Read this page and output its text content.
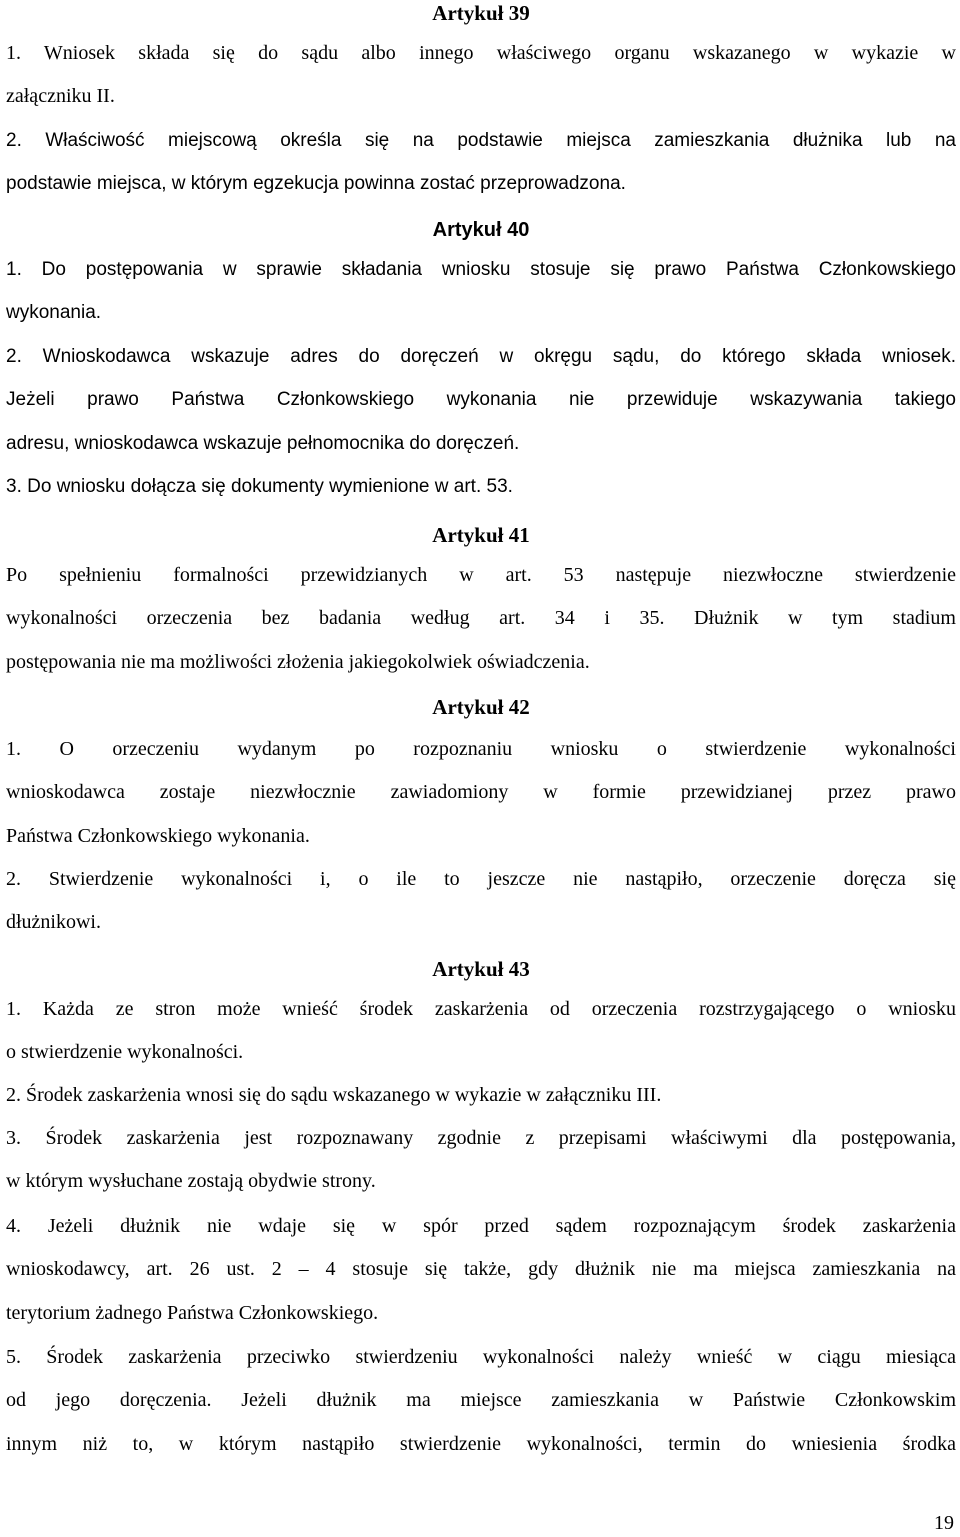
Artykuł 39
1. Wniosek składa się do sądu albo innego właściwego organu wskazanego w wykazie w
załączniku II.
2. Właściwość miejscową określa się na podstawie miejsca zamieszkania dłużnika lub na
podstawie miejsca, w którym egzekucja powinna zostać przeprowadzona.
Artykuł 40
1. Do postępowania w sprawie składania wniosku stosuje się prawo Państwa Członkowskiego
wykonania.
2. Wnioskodawca wskazuje adres do doręczeń w okręgu sądu, do którego składa wniosek.
Jeżeli prawo Państwa Członkowskiego wykonania nie przewiduje wskazywania takiego
adresu, wnioskodawca wskazuje pełnomocnika do doręczeń.
3. Do wniosku dołącza się dokumenty wymienione w art. 53.
Artykuł 41
Po spełnieniu formalności przewidzianych w art. 53 następuje niezwłoczne stwierdzenie
wykonalności orzeczenia bez badania według art. 34 i 35. Dłużnik w tym stadium
postępowania nie ma możliwości złożenia jakiegokolwiek oświadczenia.
Artykuł 42
1. O orzeczeniu wydanym po rozpoznaniu wniosku o stwierdzenie wykonalności
wnioskodawca zostaje niezwłocznie zawiadomiony w formie przewidzianej przez prawo
Państwa Członkowskiego wykonania.
2. Stwierdzenie wykonalności i, o ile to jeszcze nie nastąpiło, orzeczenie doręcza się
dłużnikowi.
Artykuł 43
1. Każda ze stron może wnieść środek zaskarżenia od orzeczenia rozstrzygającego o wniosku
o stwierdzenie wykonalności.
2. Środek zaskarżenia wnosi się do sądu wskazanego w wykazie w załączniku III.
3. Środek zaskarżenia jest rozpoznawany zgodnie z przepisami właściwymi dla postępowania,
w którym wysłuchane zostają obydwie strony.
4. Jeżeli dłużnik nie wdaje się w spór przed sądem rozpoznającym środek zaskarżenia
wnioskodawcy, art. 26 ust. 2 – 4 stosuje się także, gdy dłużnik nie ma miejsca zamieszkania na
terytorium żadnego Państwa Członkowskiego.
5. Środek zaskarżenia przeciwko stwierdzeniu wykonalności należy wnieść w ciągu miesiąca
od jego doręczenia. Jeżeli dłużnik ma miejsce zamieszkania w Państwie Członkowskim
innym niż to, w którym nastąpiło stwierdzenie wykonalności, termin do wniesienia środka
19
